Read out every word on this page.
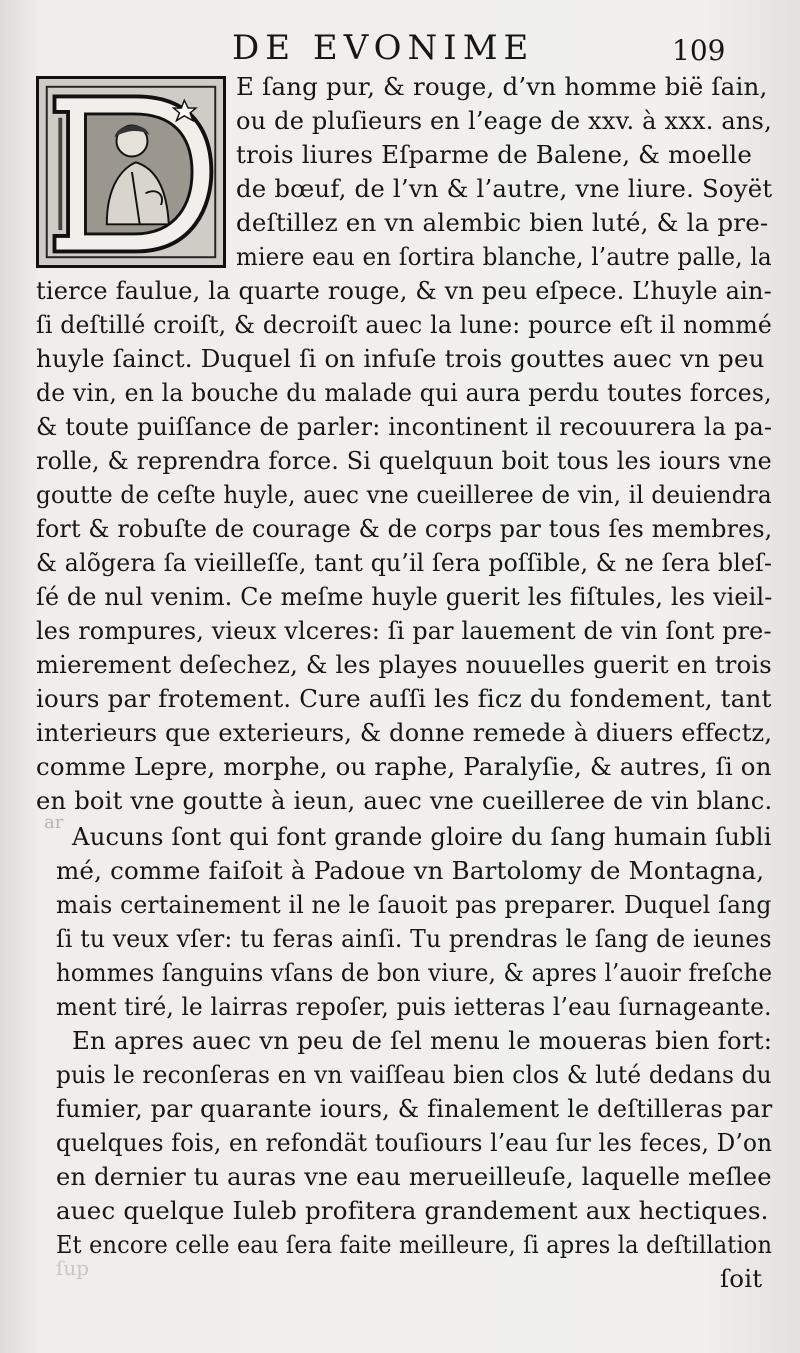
DE EVONIME	109
E ſang pur, & rouge, d’vn homme bië ſain,
ou de pluſieurs en l’eage de xxv. à xxx. ans,
trois liures Eſparme de Balene, & moelle
de bœuf, de l’vn & l’autre, vne liure. Soyët
deſtillez en vn alembic bien luté, & la pre-
miere eau en ſortira blanche, l’autre palle, la
tierce faulue, la quarte rouge, & vn peu eſpece. L’huyle ain-
ſi deſtillé croiſt, & decroiſt auec la lune: pource eſt il nommé
huyle ſainct. Duquel ſi on infuſe trois gouttes auec vn peu
de vin, en la bouche du malade qui aura perdu toutes forces,
& toute puiſſance de parler: incontinent il recouurera la pa-
rolle, & reprendra force. Si quelquun boit tous les iours vne
goutte de ceſte huyle, auec vne cueilleree de vin, il deuiendra
fort & robuſte de courage & de corps par tous ſes membres,
& alõgera ſa vieilleſſe, tant qu’il ſera poſſible, & ne ſera bleſ-
ſé de nul venim. Ce meſme huyle guerit les fiſtules, les vieil-
les rompures, vieux vlceres: ſi par lauement de vin ſont pre-
mierement deſechez, & les playes nouuelles guerit en trois
iours par frotement. Cure auſſi les ficz du fondement, tant
interieurs que exterieurs, & donne remede à diuers effectz,
comme Lepre, morphe, ou raphe, Paralyſie, & autres, ſi on
en boit vne goutte à ieun, auec vne cueilleree de vin blanc.
ar Aucuns ſont qui font grande gloire du ſang humain ſubli
mé, comme faiſoit à Padoue vn Bartolomy de Montagna,
mais certainement il ne le ſauoit pas preparer. Duquel ſang
ſi tu veux vſer: tu feras ainſi. Tu prendras le ſang de ieunes
hommes ſanguins vſans de bon viure, & apres l’auoir freſche
ment tiré, le lairras repoſer, puis ietteras l’eau ſurnageante.
En apres auec vn peu de ſel menu le moueras bien fort:
puis le reconſeras en vn vaiſſeau bien clos & luté dedans du
fumier, par quarante iours, & finalement le deſtilleras par
quelques fois, en refondät touſiours l’eau ſur les feces, D’on
en dernier tu auras vne eau merueilleuſe, laquelle meſlee
auec quelque Iuleb profitera grandement aux hectiques.
Et encore celle eau ſera faite meilleure, ſi apres la deſtillation
ſoit
ſup
